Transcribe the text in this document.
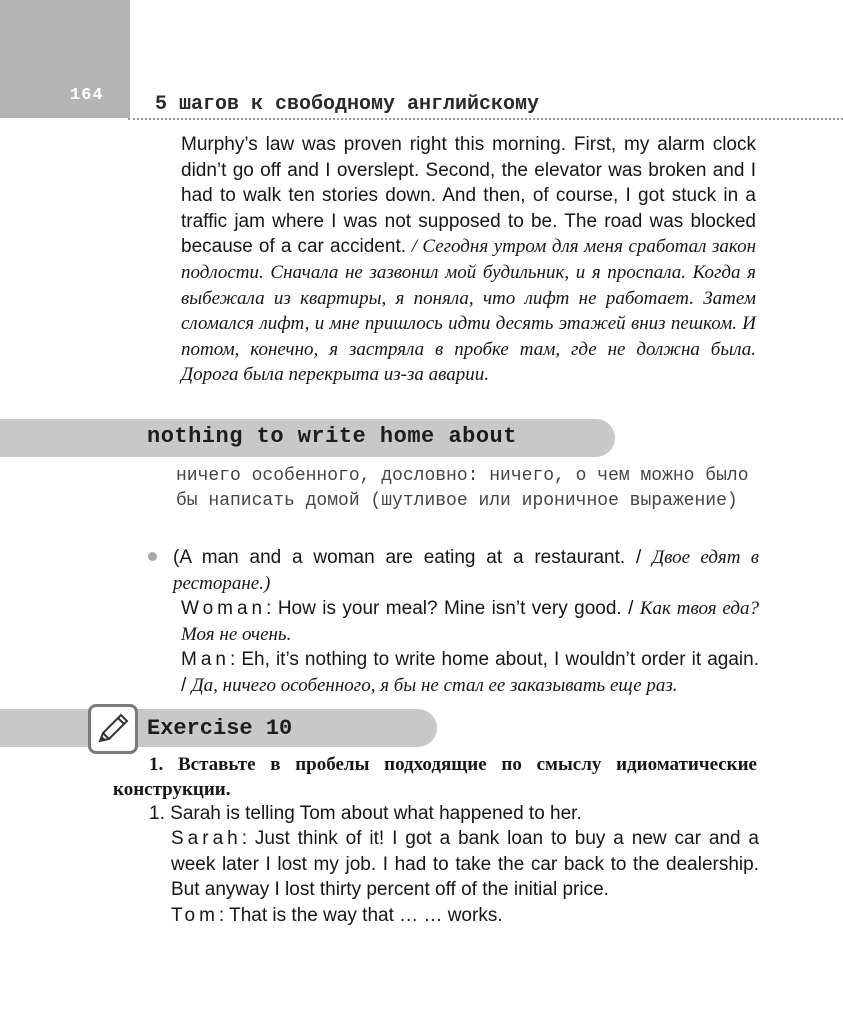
164	5 шагов к свободному английскому

Murphy’s law was proven right this morning. First, my alarm clock didn’t go off and I overslept. Second, the elevator was broken and I had to walk ten stories down. And then, of course, I got stuck in a traffic jam where I was not supposed to be. The road was blocked because of a car accident. / Сегодня утром для меня сработал закон подлости. Сначала не зазвонил мой будильник, и я проспала. Когда я выбежала из квартиры, я поняла, что лифт не работает. Затем сломался лифт, и мне пришлось идти десять этажей вниз пешком. И потом, конечно, я застряла в пробке там, где не должна была. Дорога была перекрыта из-за аварии.

nothing to write home about

ничего особенного, дословно: ничего, о чем можно было бы написать домой (шутливое или ироничное выражение)

(A man and a woman are eating at a restaurant. / Двое едят в ресторане.)

Woman: How is your meal? Mine isn’t very good. / Как твоя еда? Моя не очень.

Man: Eh, it’s nothing to write home about, I wouldn’t order it again. / Да, ничего особенного, я бы не стал ее заказывать еще раз.

Exercise 10

1. Вставьте в пробелы подходящие по смыслу идиоматические конструкции.

1. Sarah is telling Tom about what happened to her.

Sarah: Just think of it! I got a bank loan to buy a new car and a week later I lost my job. I had to take the car back to the dealership. But anyway I lost thirty percent off of the initial price.

Tom: That is the way that … … works.
